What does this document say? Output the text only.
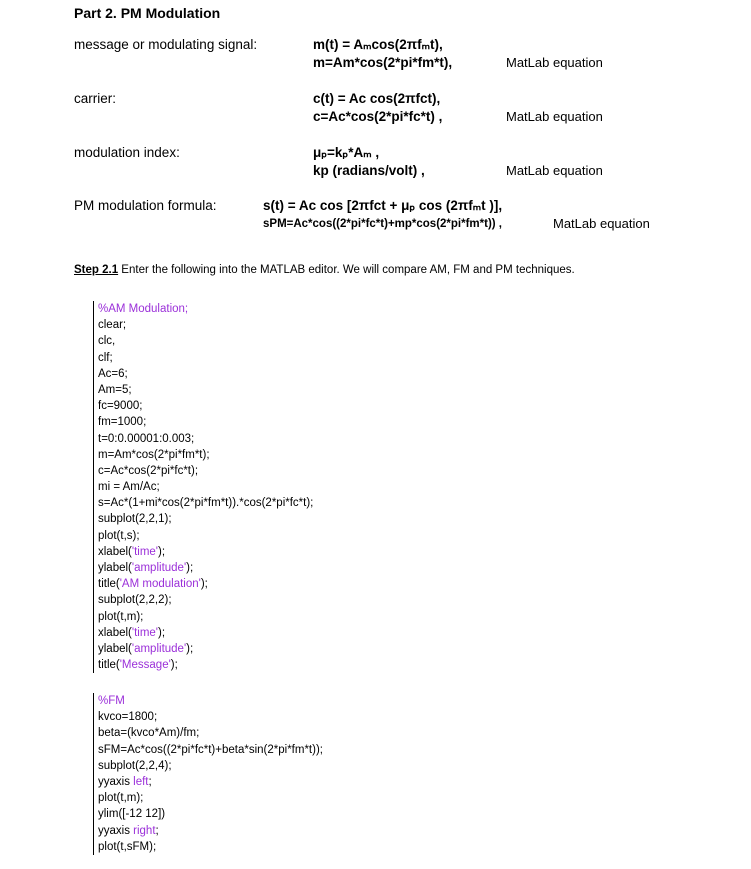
Part 2. PM Modulation
message or modulating signal:	m(t) = Aₘcos(2πfₘt),
m=Am*cos(2*pi*fm*t),	MatLab equation
carrier:	c(t) = Aᴄ cos(2πfᴄt),
c=Ac*cos(2*pi*fc*t) ,	MatLab equation
modulation index:	μₚ=kₚ*Aₘ ,
kp (radians/volt) ,	MatLab equation
PM modulation formula:	s(t) = Aᴄ cos [2πfᴄt + μₚ cos (2πfₘt )],
sPM=Ac*cos((2*pi*fc*t)+mp*cos(2*pi*fm*t)) ,	MatLab equation
Step 2.1 Enter the following into the MATLAB editor. We will compare AM, FM and PM techniques.
%AM Modulation;
clear;
clc,
clf;
Ac=6;
Am=5;
fc=9000;
fm=1000;
t=0:0.00001:0.003;
m=Am*cos(2*pi*fm*t);
c=Ac*cos(2*pi*fc*t);
mi = Am/Ac;
s=Ac*(1+mi*cos(2*pi*fm*t)).*cos(2*pi*fc*t);
subplot(2,2,1);
plot(t,s);
xlabel('time');
ylabel('amplitude');
title('AM modulation');
subplot(2,2,2);
plot(t,m);
xlabel('time');
ylabel('amplitude');
title('Message');
%FM
kvco=1800;
beta=(kvco*Am)/fm;
sFM=Ac*cos((2*pi*fc*t)+beta*sin(2*pi*fm*t));
subplot(2,2,4);
yyaxis left;
plot(t,m);
ylim([-12 12])
yyaxis right;
plot(t,sFM);
